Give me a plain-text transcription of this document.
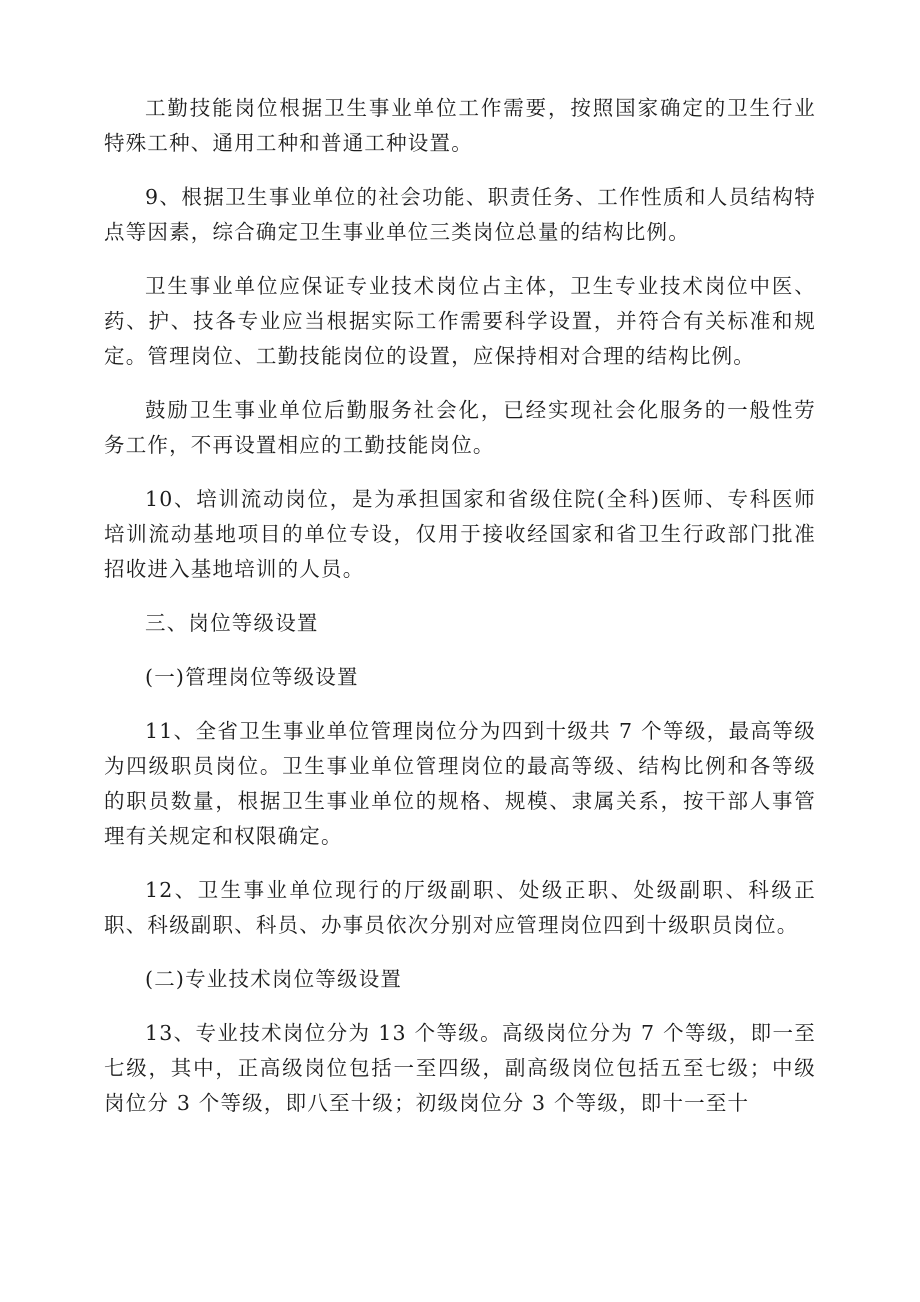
工勤技能岗位根据卫生事业单位工作需要，按照国家确定的卫生行业特殊工种、通用工种和普通工种设置。

9、根据卫生事业单位的社会功能、职责任务、工作性质和人员结构特点等因素，综合确定卫生事业单位三类岗位总量的结构比例。

卫生事业单位应保证专业技术岗位占主体，卫生专业技术岗位中医、药、护、技各专业应当根据实际工作需要科学设置，并符合有关标准和规定。管理岗位、工勤技能岗位的设置，应保持相对合理的结构比例。

鼓励卫生事业单位后勤服务社会化，已经实现社会化服务的一般性劳务工作，不再设置相应的工勤技能岗位。

10、培训流动岗位，是为承担国家和省级住院(全科)医师、专科医师培训流动基地项目的单位专设，仅用于接收经国家和省卫生行政部门批准招收进入基地培训的人员。

三、岗位等级设置

(一)管理岗位等级设置

11、全省卫生事业单位管理岗位分为四到十级共 7 个等级，最高等级为四级职员岗位。卫生事业单位管理岗位的最高等级、结构比例和各等级的职员数量，根据卫生事业单位的规格、规模、隶属关系，按干部人事管理有关规定和权限确定。

12、卫生事业单位现行的厅级副职、处级正职、处级副职、科级正职、科级副职、科员、办事员依次分别对应管理岗位四到十级职员岗位。

(二)专业技术岗位等级设置

13、专业技术岗位分为 13 个等级。高级岗位分为 7 个等级，即一至七级，其中，正高级岗位包括一至四级，副高级岗位包括五至七级；中级岗位分 3 个等级，即八至十级；初级岗位分 3 个等级，即十一至十
